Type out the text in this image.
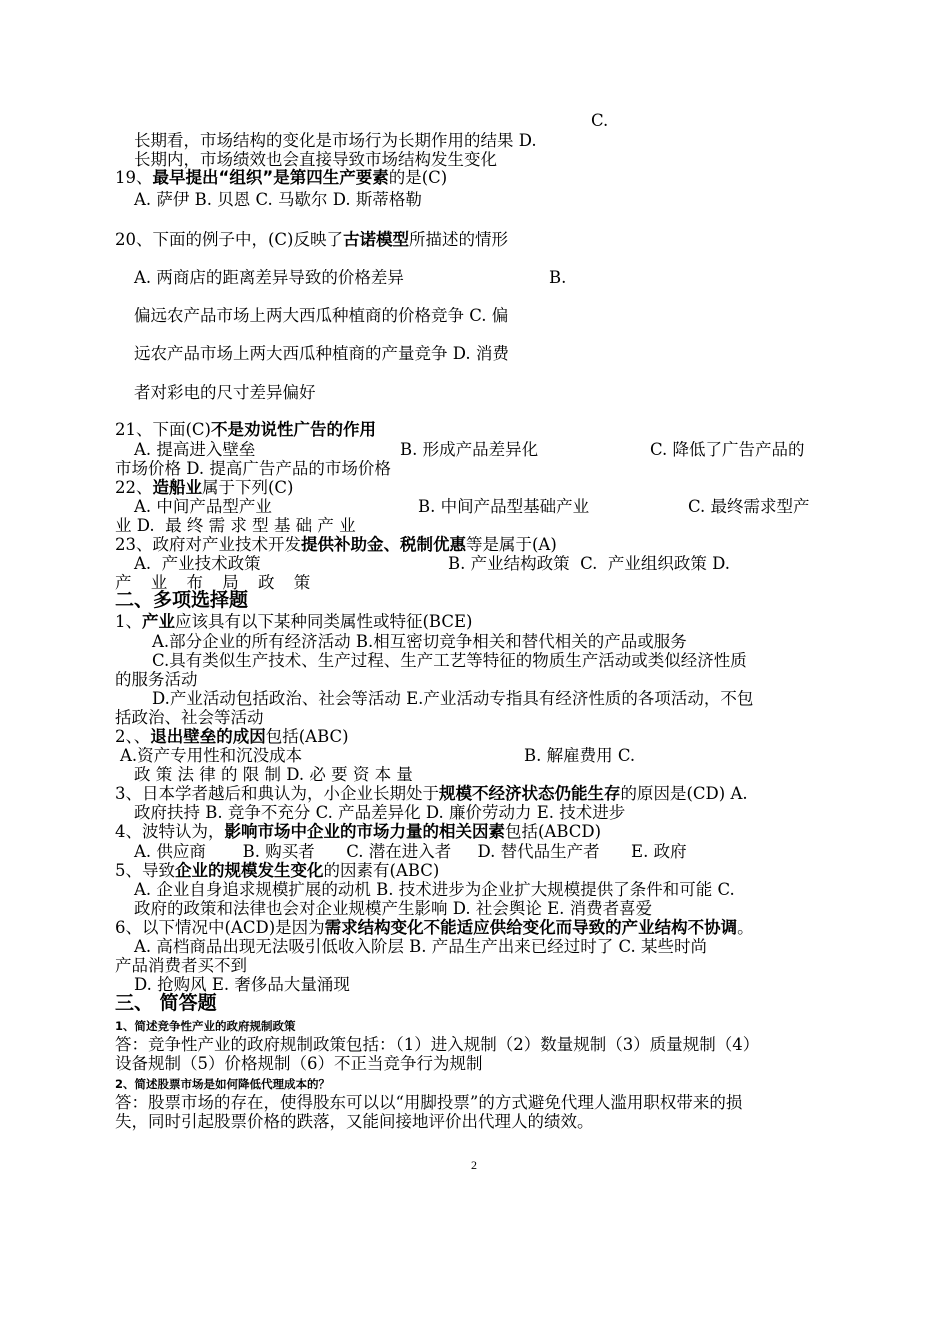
C.
长期看，市场结构的变化是市场行为长期作用的结果 D.
长期内，市场绩效也会直接导致市场结构发生变化
19、最早提出“组织”是第四生产要素的是(C)
A. 萨伊 B. 贝恩 C. 马歇尔 D. 斯蒂格勒
20、下面的例子中，(C)反映了古诺模型所描述的情形
A. 两商店的距离差异导致的价格差异	B.
偏远农产品市场上两大西瓜种植商的价格竞争 C. 偏
远农产品市场上两大西瓜种植商的产量竞争 D. 消费
者对彩电的尺寸差异偏好
21、下面(C)不是劝说性广告的作用
A. 提高进入壁垒	B. 形成产品差异化	C. 降低了广告产品的
市场价格 D. 提高广告产品的市场价格
22、造船业属于下列(C)
A. 中间产品型产业	B. 中间产品型基础产业	C. 最终需求型产
业 D.  最 终 需 求 型 基 础 产 业
23、政府对产业技术开发提供补助金、税制优惠等是属于(A)
A.  产业技术政策	B. 产业结构政策  C.  产业组织政策 D.
产 业 布 局 政 策
二、多项选择题
1、产业应该具有以下某种同类属性或特征(BCE)
A.部分企业的所有经济活动 B.相互密切竞争相关和替代相关的产品或服务
C.具有类似生产技术、生产过程、生产工艺等特征的物质生产活动或类似经济性质
的服务活动
D.产业活动包括政治、社会等活动 E.产业活动专指具有经济性质的各项活动，不包
括政治、社会等活动
2、、退出壁垒的成因包括(ABC)
A.资产专用性和沉没成本	B. 解雇费用 C.
政 策 法 律 的 限 制 D. 必 要 资 本 量
3、日本学者越后和典认为，小企业长期处于规模不经济状态仍能生存的原因是(CD) A.
政府扶持 B. 竞争不充分 C. 产品差异化 D. 廉价劳动力 E. 技术进步
4、波特认为，影响市场中企业的市场力量的相关因素包括(ABCD)
A. 供应商       B. 购买者      C. 潜在进入者     D. 替代品生产者      E. 政府
5、导致企业的规模发生变化的因素有(ABC)
A. 企业自身追求规模扩展的动机 B. 技术进步为企业扩大规模提供了条件和可能 C.
政府的政策和法律也会对企业规模产生影响 D. 社会舆论 E. 消费者喜爱
6、以下情况中(ACD)是因为需求结构变化不能适应供给变化而导致的产业结构不协调。
A. 高档商品出现无法吸引低收入阶层 B. 产品生产出来已经过时了 C. 某些时尚
产品消费者买不到
D. 抢购风 E. 奢侈品大量涌现
三、 简答题
1、简述竞争性产业的政府规制政策
答：竞争性产业的政府规制政策包括：（1）进入规制（2）数量规制（3）质量规制（4）
设备规制（5）价格规制（6）不正当竞争行为规制
2、简述股票市场是如何降低代理成本的？
答：股票市场的存在，使得股东可以以“用脚投票”的方式避免代理人滥用职权带来的损
失，同时引起股票价格的跌落，又能间接地评价出代理人的绩效。
2
